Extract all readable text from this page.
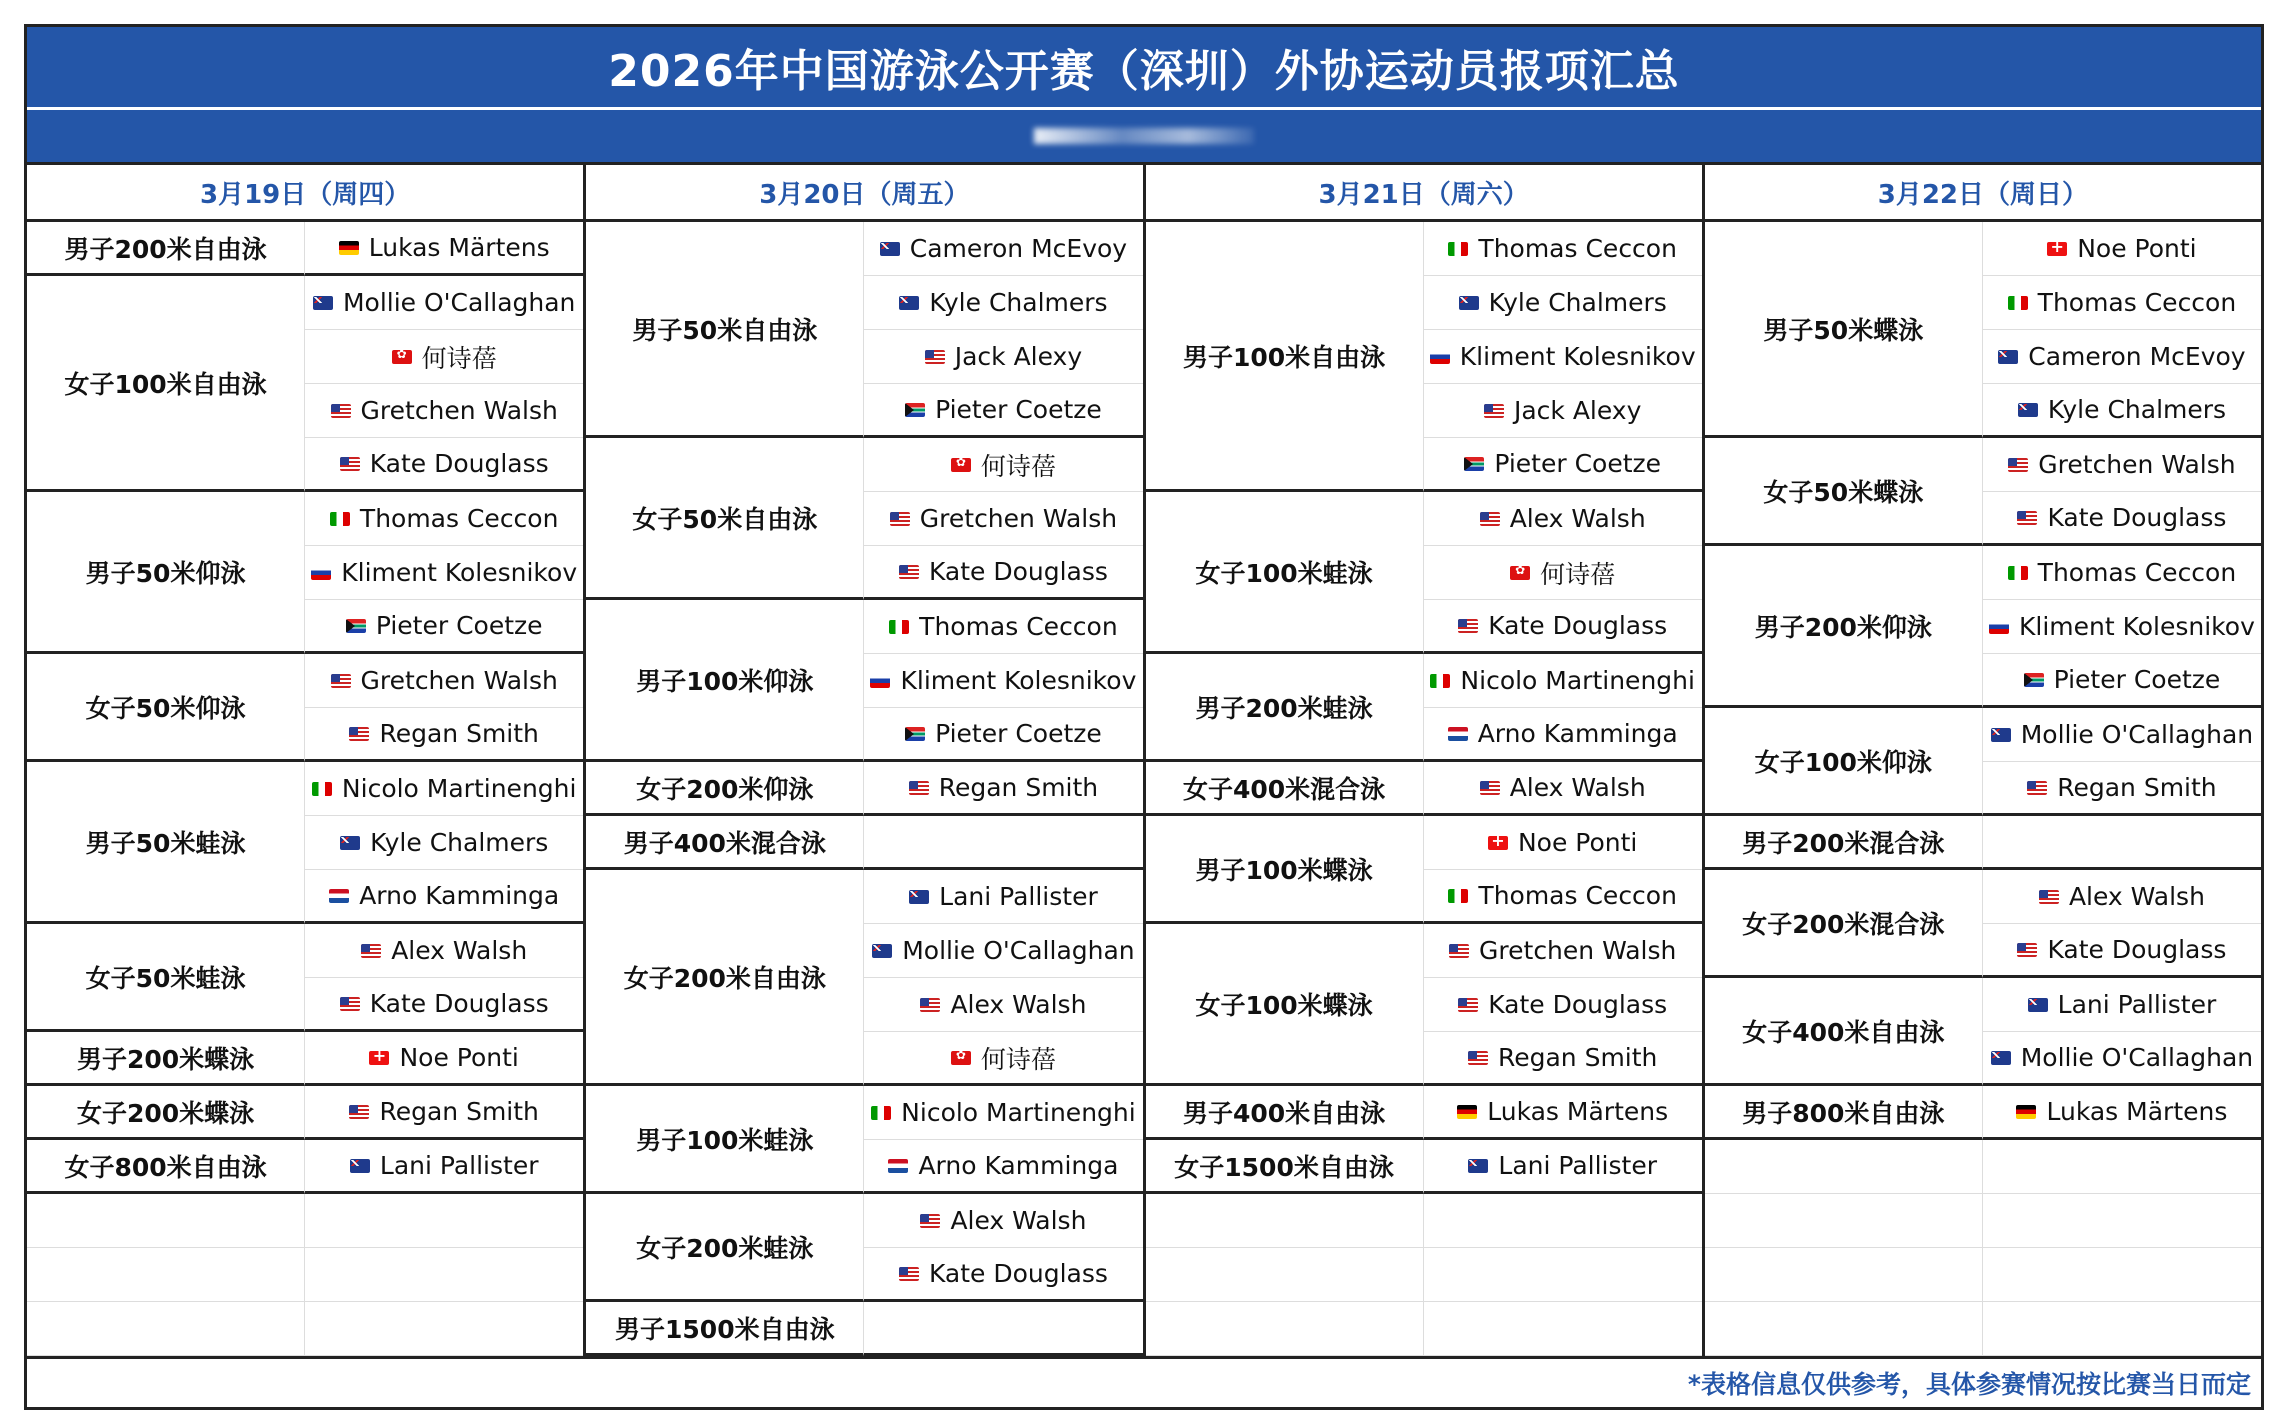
2026年中国游泳公开赛（深圳）外协运动员报项汇总
3月19日（周四）
男子200米自由泳	Lukas Märtens
女子100米自由泳
Mollie O'Callaghan
✿
何诗蓓
Gretchen Walsh
Kate Douglass
男子50米仰泳
Thomas Ceccon
Kliment Kolesnikov
Pieter Coetze
女子50米仰泳
Gretchen Walsh
Regan Smith
男子50米蛙泳
Nicolo Martinenghi
Kyle Chalmers
Arno Kamminga
女子50米蛙泳
Alex Walsh
Kate Douglass
男子200米蝶泳 +	Noe Ponti
女子200米蝶泳	Regan Smith
女子800米自由泳	Lani Pallister
3月20日（周五）
男子50米自由泳
Cameron McEvoy
Kyle Chalmers
Jack Alexy
Pieter Coetze
女子50米自由泳
✿
何诗蓓
Gretchen Walsh
Kate Douglass
男子100米仰泳
Thomas Ceccon
Kliment Kolesnikov
Pieter Coetze
女子200米仰泳	Regan Smith
男子400米混合泳
女子200米自由泳
Lani Pallister
Mollie O'Callaghan
Alex Walsh
✿
何诗蓓
男子100米蛙泳
Nicolo Martinenghi
Arno Kamminga
女子200米蛙泳
Alex Walsh
Kate Douglass
男子1500米自由泳
3月21日（周六）
男子100米自由泳
Thomas Ceccon
Kyle Chalmers
Kliment Kolesnikov
Jack Alexy
Pieter Coetze
女子100米蛙泳
Alex Walsh
✿
何诗蓓
Kate Douglass
男子200米蛙泳
Nicolo Martinenghi
Arno Kamminga
女子400米混合泳	Alex Walsh
男子100米蝶泳
+
Noe Ponti
Thomas Ceccon
女子100米蝶泳
Gretchen Walsh
Kate Douglass
Regan Smith
男子400米自由泳	Lukas Märtens
女子1500米自由泳	Lani Pallister
3月22日（周日）
男子50米蝶泳
+
Noe Ponti
Thomas Ceccon
Cameron McEvoy
Kyle Chalmers
女子50米蝶泳
Gretchen Walsh
Kate Douglass
男子200米仰泳
Thomas Ceccon
Kliment Kolesnikov
Pieter Coetze
女子100米仰泳
Mollie O'Callaghan
Regan Smith
男子200米混合泳
女子200米混合泳
Alex Walsh
Kate Douglass
女子400米自由泳
Lani Pallister
Mollie O'Callaghan
男子800米自由泳	Lukas Märtens
*表格信息仅供参考，具体参赛情况按比赛当日而定
